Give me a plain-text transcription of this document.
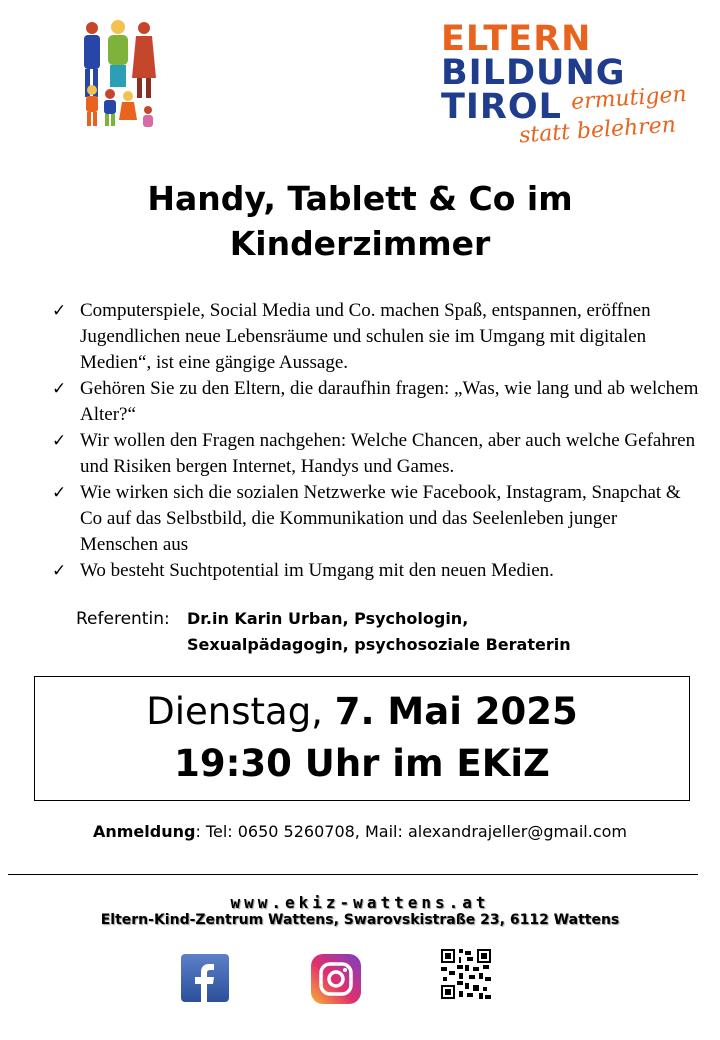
ELTERN
BILDUNG
TIROL ermutigen
statt belehren
Handy, Tablett & Co im
Kinderzimmer
✓ Computerspiele, Social Media und Co. machen Spaß, entspannen, eröffnen Jugendlichen neue Lebensräume und schulen sie im Umgang mit digitalen Medien“, ist eine gängige Aussage.
✓ Gehören Sie zu den Eltern, die daraufhin fragen: „Was, wie lang und ab welchem Alter?“
✓ Wir wollen den Fragen nachgehen: Welche Chancen, aber auch welche Gefahren und Risiken bergen Internet, Handys und Games.
✓ Wie wirken sich die sozialen Netzwerke wie Facebook, Instagram, Snapchat & Co auf das Selbstbild, die Kommunikation und das Seelenleben junger Menschen aus
✓ Wo besteht Suchtpotential im Umgang mit den neuen Medien.
Referentin: Dr.in Karin Urban, Psychologin,
Sexualpädagogin, psychosoziale Beraterin
Dienstag, 7. Mai 2025
19:30 Uhr im EKiZ
Anmeldung: Tel: 0650 5260708, Mail: alexandrajeller@gmail.com
www.ekiz-wattens.at
Eltern-Kind-Zentrum Wattens, Swarovskistraße 23, 6112 Wattens
